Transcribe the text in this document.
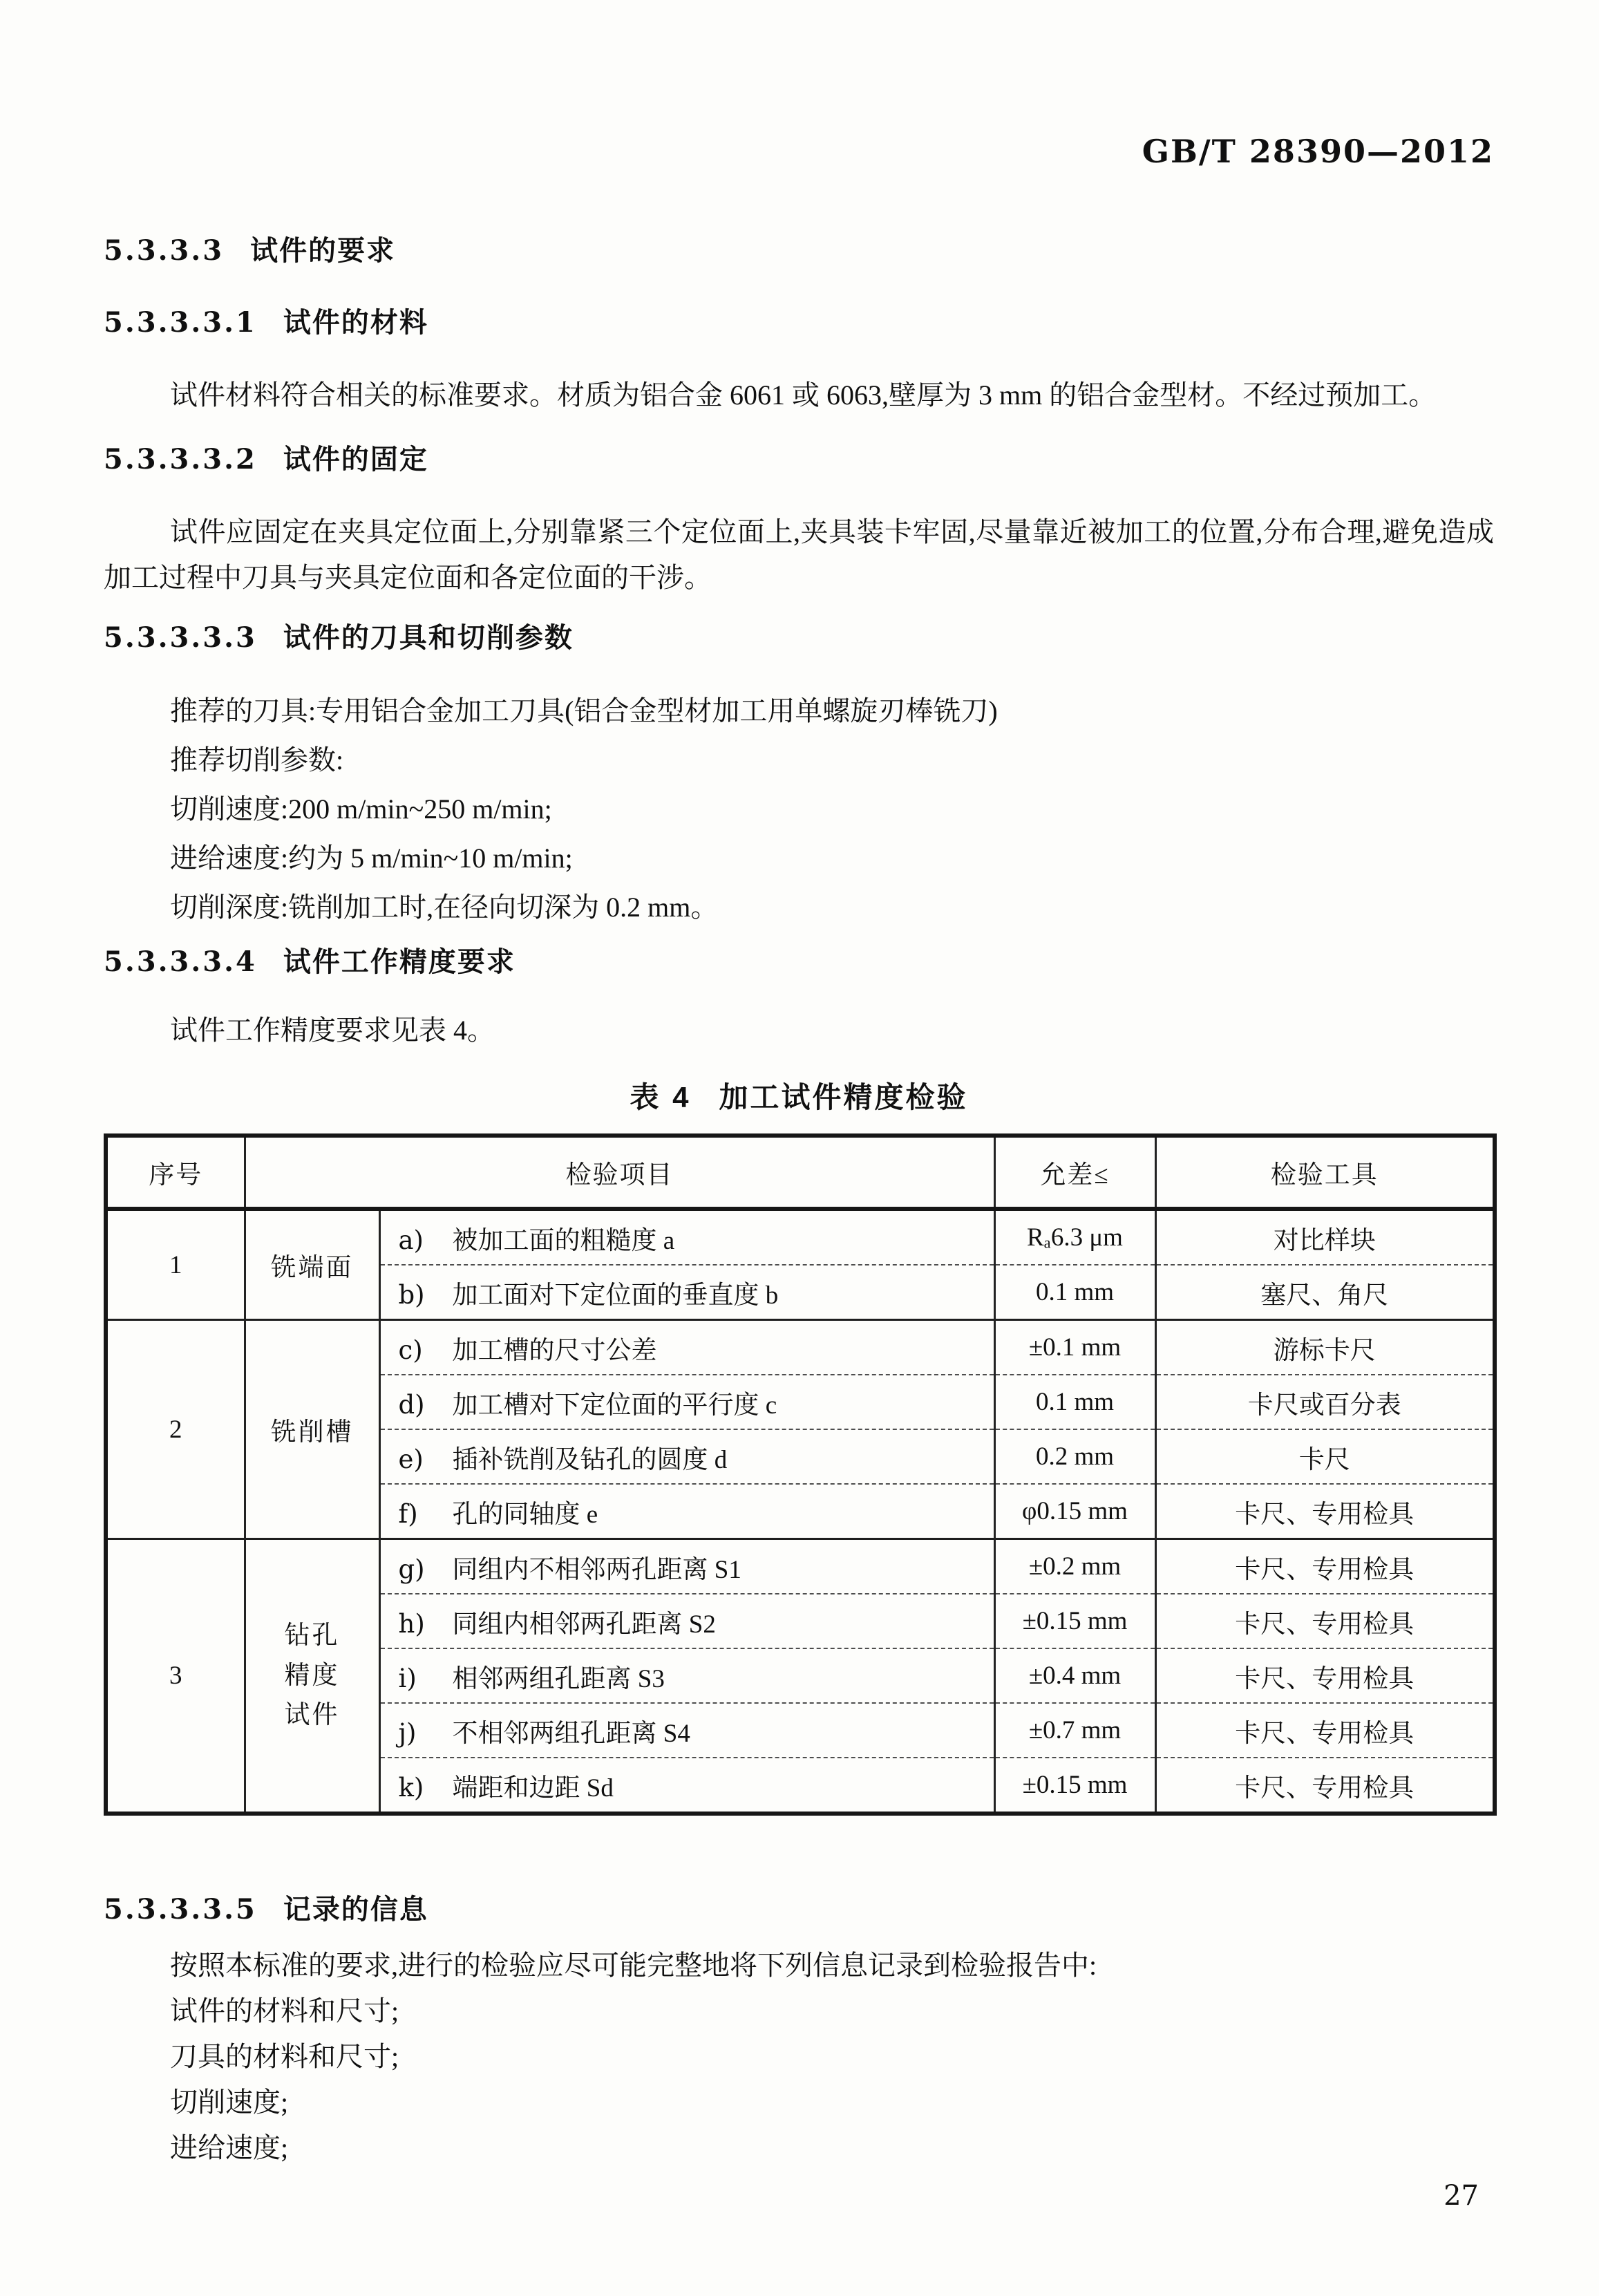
GB/T 28390—2012
5.3.3.3 试件的要求
5.3.3.3.1 试件的材料

试件材料符合相关的标准要求。材质为铝合金 6061 或 6063,壁厚为 3 mm 的铝合金型材。不经过预加工。

5.3.3.3.2 试件的固定

试件应固定在夹具定位面上,分别靠紧三个定位面上,夹具装卡牢固,尽量靠近被加工的位置,分布合理,避免造成加工过程中刀具与夹具定位面和各定位面的干涉。

5.3.3.3.3 试件的刀具和切削参数

推荐的刀具:专用铝合金加工刀具(铝合金型材加工用单螺旋刃棒铣刀)

推荐切削参数:

切削速度:200 m/min~250 m/min;

进给速度:约为 5 m/min~10 m/min;

切削深度:铣削加工时,在径向切深为 0.2 mm。

5.3.3.3.4 试件工作精度要求

试件工作精度要求见表 4。

表 4 加工试件精度检验
序号	检验项目		允差≤	检验工具
1	铣端面	a) 被加工面的粗糙度 a	Rₐ6.3 μm	对比样块
		b) 加工面对下定位面的垂直度 b	0.1 mm	塞尺、角尺
2	铣削槽	c) 加工槽的尺寸公差	±0.1 mm	游标卡尺
		d) 加工槽对下定位面的平行度 c	0.1 mm	卡尺或百分表
		e) 插补铣削及钻孔的圆度 d	0.2 mm	卡尺
		f) 孔的同轴度 e	φ0.15 mm	卡尺、专用检具
3	钻孔精度试件	g) 同组内不相邻两孔距离 S1	±0.2 mm	卡尺、专用检具
		h) 同组内相邻两孔距离 S2	±0.15 mm	卡尺、专用检具
		i) 相邻两组孔距离 S3	±0.4 mm	卡尺、专用检具
		j) 不相邻两组孔距离 S4	±0.7 mm	卡尺、专用检具
		k) 端距和边距 Sd	±0.15 mm	卡尺、专用检具
5.3.3.3.5 记录的信息

按照本标准的要求,进行的检验应尽可能完整地将下列信息记录到检验报告中:

试件的材料和尺寸;

刀具的材料和尺寸;

切削速度;

进给速度;

27
